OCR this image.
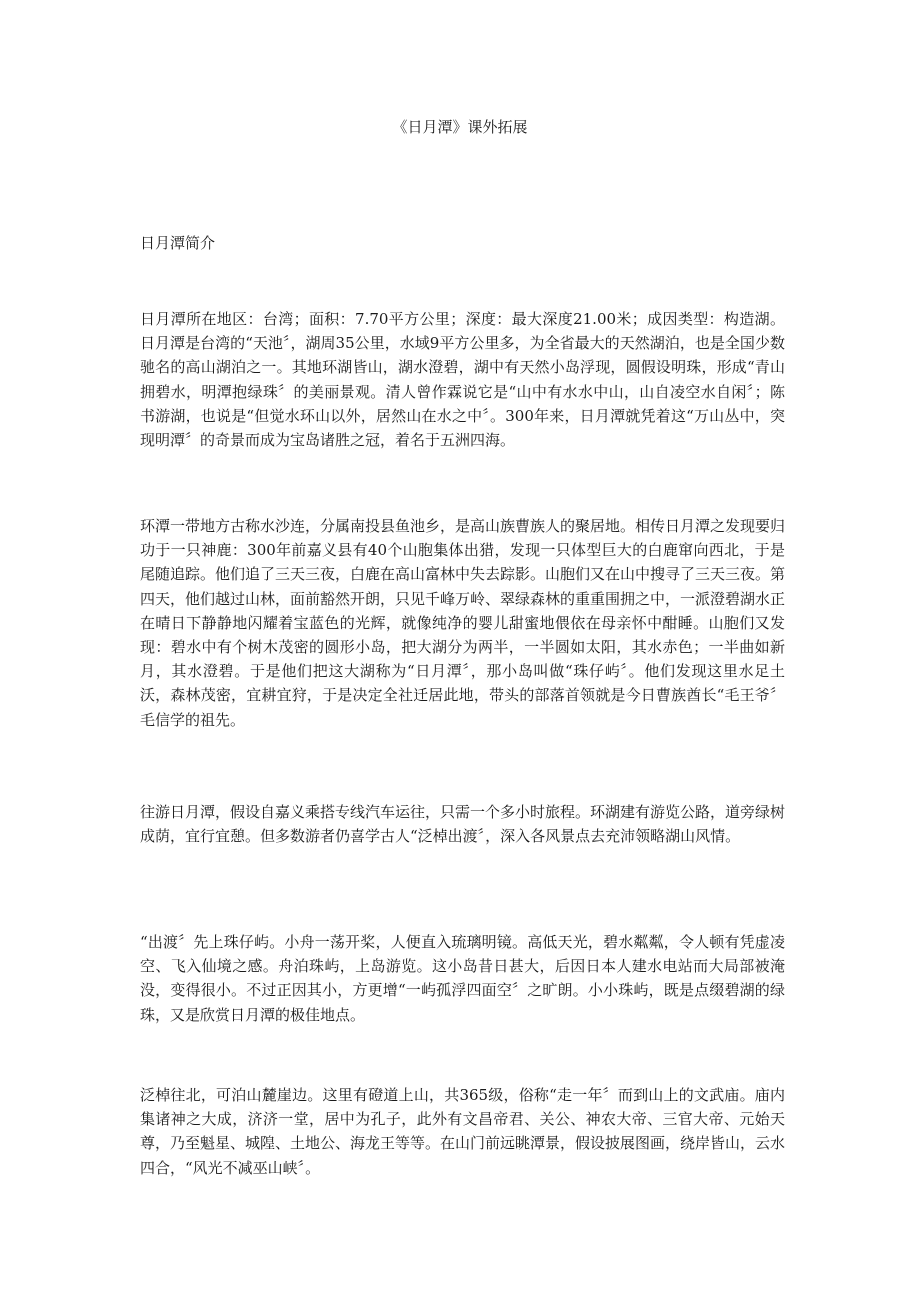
《日月潭》课外拓展
日月潭简介

日月潭所在地区：台湾；面积：7.70平方公里；深度：最大深度21.00米；成因类型：构造湖。日月潭是台湾的“天池〞，湖周35公里，水域9平方公里多，为全省最大的天然湖泊，也是全国少数驰名的高山湖泊之一。其地环湖皆山，湖水澄碧，湖中有天然小岛浮现，圆假设明珠，形成“青山拥碧水，明潭抱绿珠〞的美丽景观。清人曾作霖说它是“山中有水水中山，山自凌空水自闲〞；陈书游湖，也说是“但觉水环山以外，居然山在水之中〞。300年来，日月潭就凭着这“万山丛中，突现明潭〞的奇景而成为宝岛诸胜之冠，着名于五洲四海。

环潭一带地方古称水沙连，分属南投县鱼池乡，是高山族曹族人的聚居地。相传日月潭之发现要归功于一只神鹿：300年前嘉义县有40个山胞集体出猎，发现一只体型巨大的白鹿窜向西北，于是尾随追踪。他们追了三天三夜，白鹿在高山富林中失去踪影。山胞们又在山中搜寻了三天三夜。第四天，他们越过山林，面前豁然开朗，只见千峰万岭、翠绿森林的重重围拥之中，一派澄碧湖水正在晴日下静静地闪耀着宝蓝色的光辉，就像纯净的婴儿甜蜜地偎依在母亲怀中酣睡。山胞们又发现：碧水中有个树木茂密的圆形小岛，把大湖分为两半，一半圆如太阳，其水赤色；一半曲如新月，其水澄碧。于是他们把这大湖称为“日月潭〞，那小岛叫做“珠仔屿〞。他们发现这里水足土沃，森林茂密，宜耕宜狩，于是决定全社迁居此地，带头的部落首领就是今日曹族酋长“毛王爷〞毛信学的祖先。

往游日月潭，假设自嘉义乘搭专线汽车运往，只需一个多小时旅程。环湖建有游览公路，道旁绿树成荫，宜行宜憩。但多数游者仍喜学古人“泛棹出渡〞，深入各风景点去充沛领略湖山风情。

“出渡〞先上珠仔屿。小舟一荡开桨，人便直入琉璃明镜。高低天光，碧水粼粼，令人顿有凭虚凌空、飞入仙境之感。舟泊珠屿，上岛游览。这小岛昔日甚大，后因日本人建水电站而大局部被淹没，变得很小。不过正因其小，方更增“一屿孤浮四面空〞之旷朗。小小珠屿，既是点缀碧湖的绿珠，又是欣赏日月潭的极佳地点。

泛棹往北，可泊山麓崖边。这里有磴道上山，共365级，俗称“走一年〞而到山上的文武庙。庙内集诸神之大成，济济一堂，居中为孔子，此外有文昌帝君、关公、神农大帝、三官大帝、元始天尊，乃至魁星、城隍、土地公、海龙王等等。在山门前远眺潭景，假设披展图画，绕岸皆山，云水四合，“风光不减巫山峡〞。
